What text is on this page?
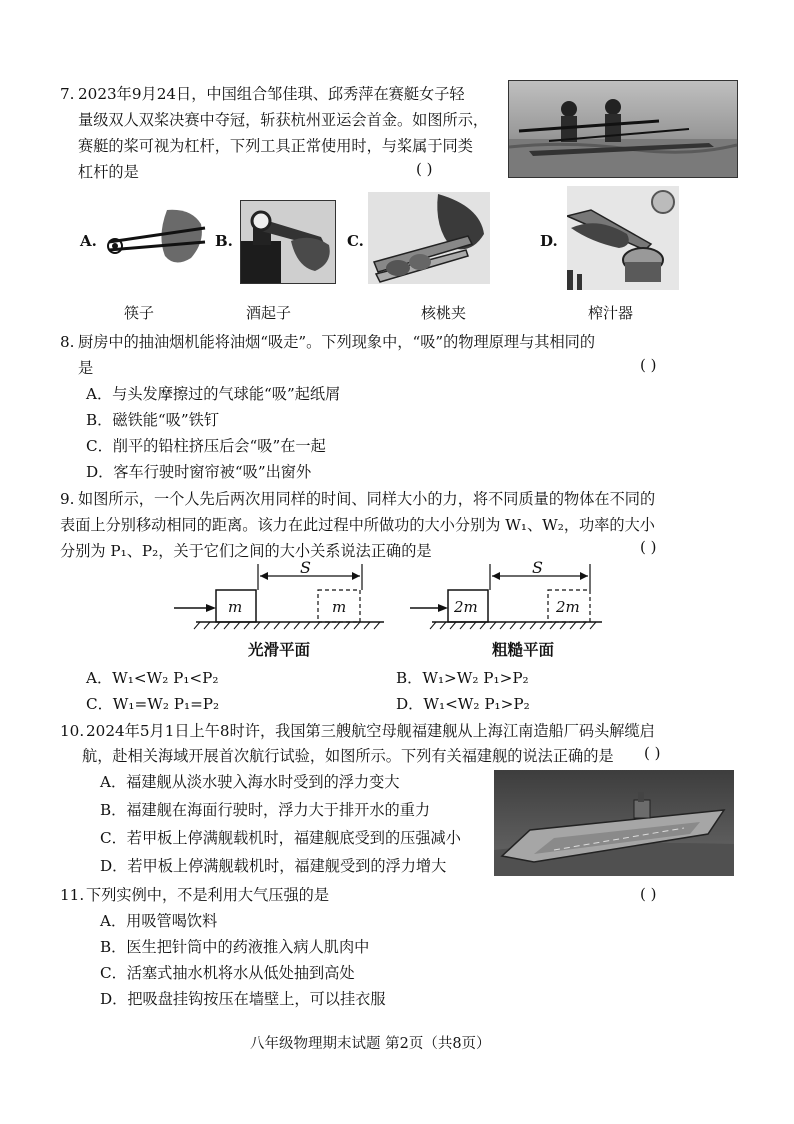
7. 2023年9月24日，中国组合邹佳琪、邱秀萍在赛艇女子轻
量级双人双桨决赛中夺冠，斩获杭州亚运会首金。如图所示，
赛艇的桨可视为杠杆，下列工具正常使用时，与桨属于同类
杠杆的是	( )
A.	B.	C.	D.
筷子	酒起子	核桃夹	榨汁器
8. 厨房中的抽油烟机能将油烟“吸走”。下列现象中，“吸”的物理原理与其相同的
是	( )
A．与头发摩擦过的气球能“吸”起纸屑
B．磁铁能“吸”铁钉
C．削平的铅柱挤压后会“吸”在一起
D．客车行驶时窗帘被“吸”出窗外
9. 如图所示，一个人先后两次用同样的时间、同样大小的力，将不同质量的物体在不同的
表面上分别移动相同的距离。该力在此过程中所做功的大小分别为 W₁、W₂，功率的大小
分别为 P₁、P₂，关于它们之间的大小关系说法正确的是	( )
S
m	m
光滑平面
S
2m	2m
粗糙平面
A．W₁<W₂ P₁<P₂	B．W₁>W₂ P₁>P₂
C．W₁=W₂ P₁=P₂	D．W₁<W₂ P₁>P₂
10. 2024年5月1日上午8时许，我国第三艘航空母舰福建舰从上海江南造船厂码头解缆启
航，赴相关海域开展首次航行试验，如图所示。下列有关福建舰的说法正确的是 ( )
A．福建舰从淡水驶入海水时受到的浮力变大
B．福建舰在海面行驶时，浮力大于排开水的重力
C．若甲板上停满舰载机时，福建舰底受到的压强减小
D．若甲板上停满舰载机时，福建舰受到的浮力增大
11. 下列实例中，不是利用大气压强的是	( )
A．用吸管喝饮料
B．医生把针筒中的药液推入病人肌肉中
C．活塞式抽水机将水从低处抽到高处
D．把吸盘挂钩按压在墙壁上，可以挂衣服
八年级物理期末试题 第2页（共8页）
